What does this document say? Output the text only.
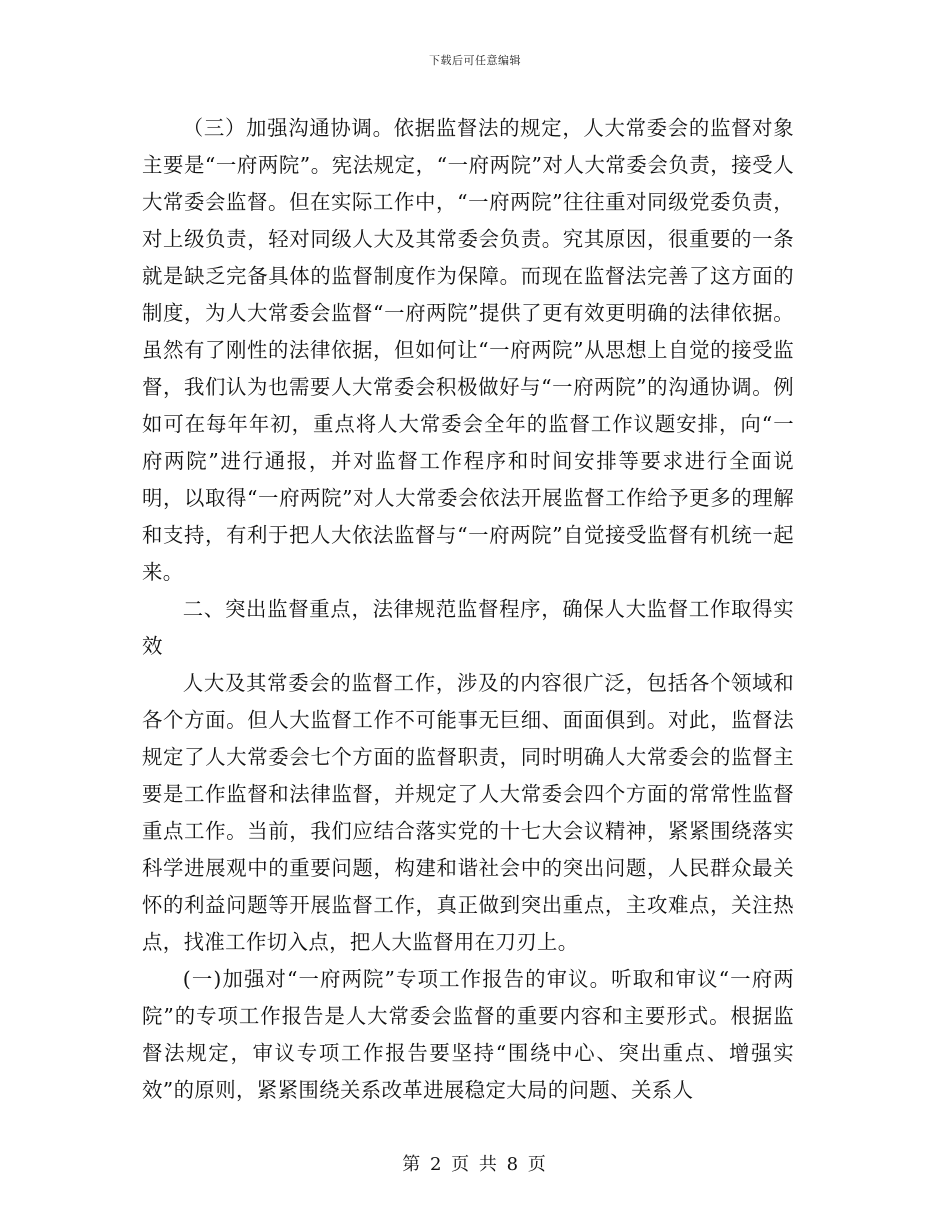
下载后可任意编辑

（三）加强沟通协调。依据监督法的规定，人大常委会的监督对象主要是“一府两院”。宪法规定，“一府两院”对人大常委会负责，接受人大常委会监督。但在实际工作中，“一府两院”往往重对同级党委负责，对上级负责，轻对同级人大及其常委会负责。究其原因，很重要的一条就是缺乏完备具体的监督制度作为保障。而现在监督法完善了这方面的制度，为人大常委会监督“一府两院”提供了更有效更明确的法律依据。虽然有了刚性的法律依据，但如何让“一府两院”从思想上自觉的接受监督，我们认为也需要人大常委会积极做好与“一府两院”的沟通协调。例如可在每年年初，重点将人大常委会全年的监督工作议题安排，向“一府两院”进行通报，并对监督工作程序和时间安排等要求进行全面说明，以取得“一府两院”对人大常委会依法开展监督工作给予更多的理解和支持，有利于把人大依法监督与“一府两院”自觉接受监督有机统一起来。

二、突出监督重点，法律规范监督程序，确保人大监督工作取得实效

人大及其常委会的监督工作，涉及的内容很广泛，包括各个领域和各个方面。但人大监督工作不可能事无巨细、面面俱到。对此，监督法规定了人大常委会七个方面的监督职责，同时明确人大常委会的监督主要是工作监督和法律监督，并规定了人大常委会四个方面的常常性监督重点工作。当前，我们应结合落实党的十七大会议精神，紧紧围绕落实科学进展观中的重要问题，构建和谐社会中的突出问题，人民群众最关怀的利益问题等开展监督工作，真正做到突出重点，主攻难点，关注热点，找准工作切入点，把人大监督用在刀刃上。

(一)加强对“一府两院”专项工作报告的审议。听取和审议“一府两院”的专项工作报告是人大常委会监督的重要内容和主要形式。根据监督法规定，审议专项工作报告要坚持“围绕中心、突出重点、增强实效”的原则，紧紧围绕关系改革进展稳定大局的问题、关系人

第 2 页 共 8 页
